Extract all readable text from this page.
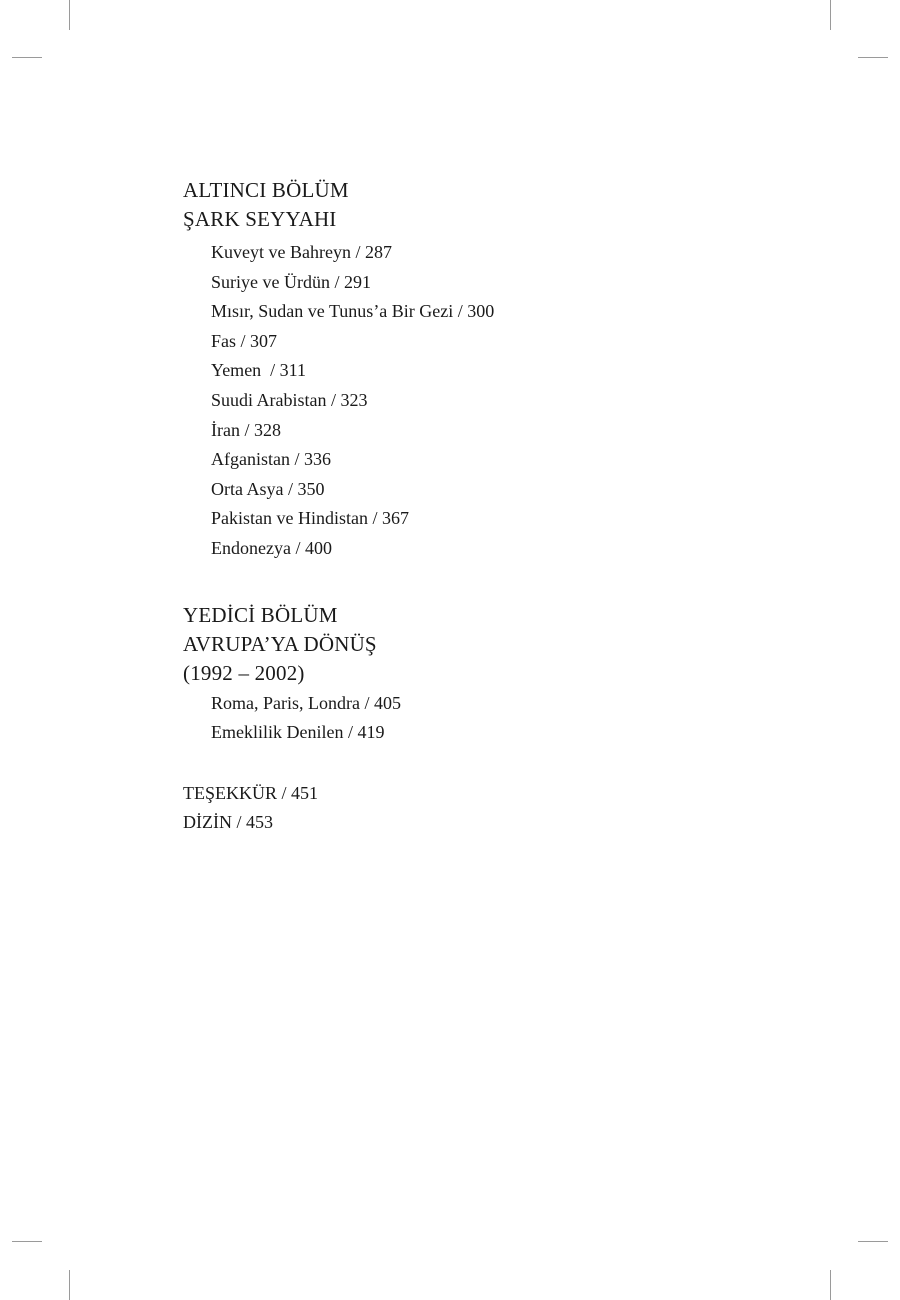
ALTINCI BÖLÜM
ŞARK SEYYAHI
Kuveyt ve Bahreyn / 287
Suriye ve Ürdün / 291
Mısır, Sudan ve Tunus’a Bir Gezi / 300
Fas / 307
Yemen  / 311
Suudi Arabistan / 323
İran / 328
Afganistan / 336
Orta Asya / 350
Pakistan ve Hindistan / 367
Endonezya / 400
YEDİCİ BÖLÜM
AVRUPA’YA DÖNÜŞ
(1992 – 2002)
Roma, Paris, Londra / 405
Emeklilik Denilen / 419
TEŞEKKÜR / 451
DİZİN / 453
